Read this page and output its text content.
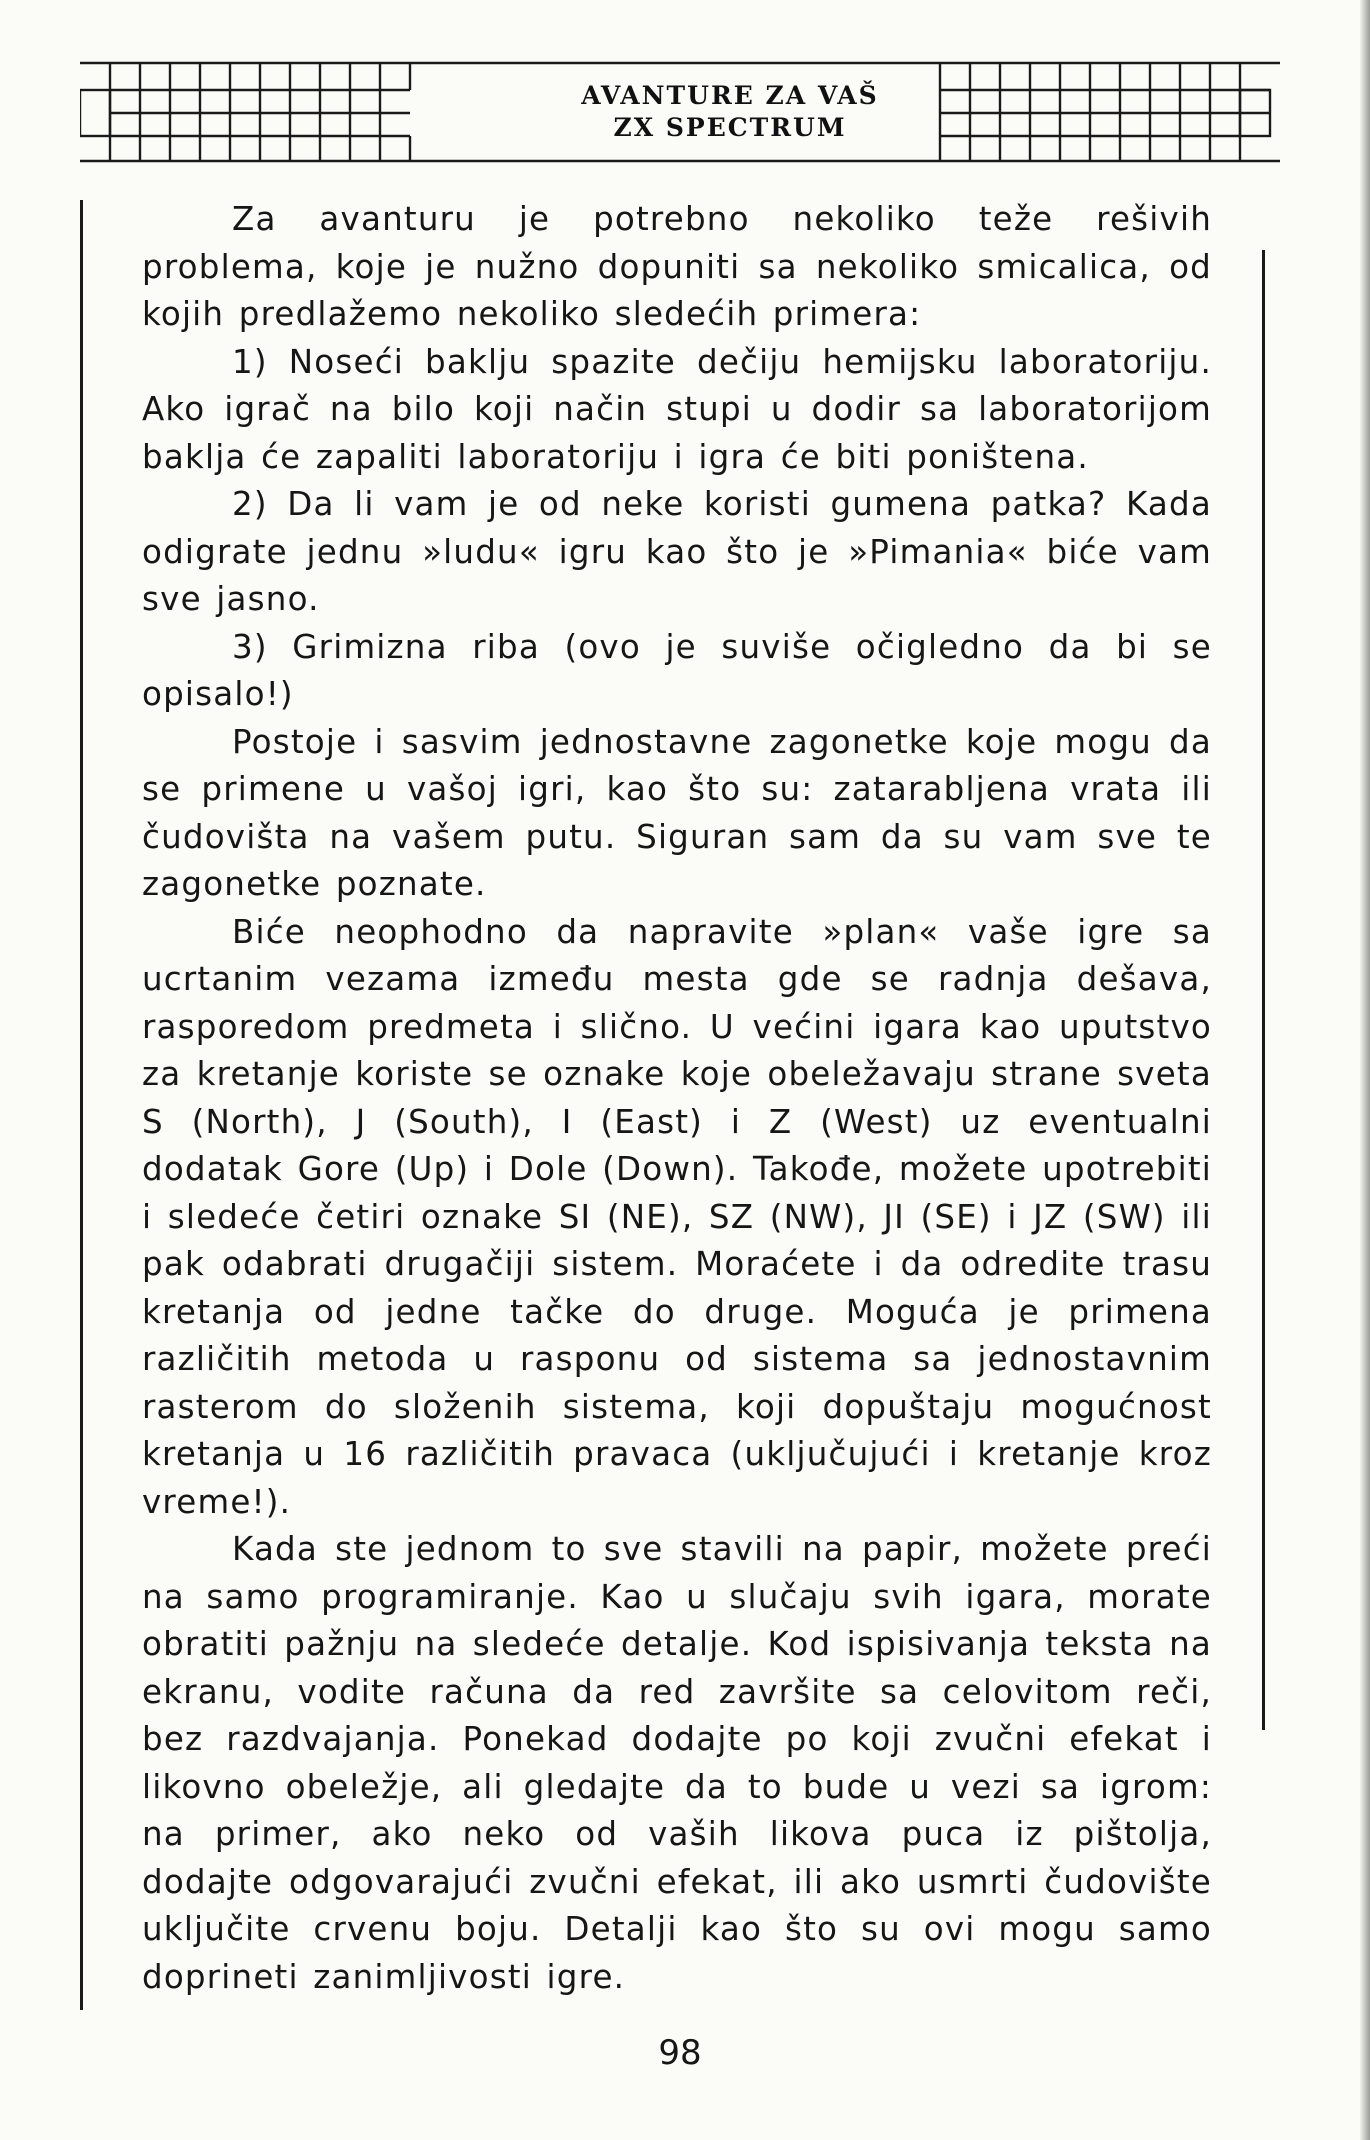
AVANTURE ZA VAŠ
ZX SPECTRUM

Za avanturu je potrebno nekoliko teže rešivih problema, koje je nužno dopuniti sa nekoliko smicalica, od kojih predlažemo nekoliko sledećih primera:

1) Noseći baklju spazite dečiju hemijsku laboratoriju. Ako igrač na bilo koji način stupi u dodir sa laboratorijom baklja će zapaliti laboratoriju i igra će biti poništena.

2) Da li vam je od neke koristi gumena patka? Kada odigrate jednu »ludu« igru kao što je »Pimania« biće vam sve jasno.

3) Grimizna riba (ovo je suviše očigledno da bi se opisalo!)

Postoje i sasvim jednostavne zagonetke koje mogu da se primene u vašoj igri, kao što su: zatarabljena vrata ili čudovišta na vašem putu. Siguran sam da su vam sve te zagonetke poznate.

Biće neophodno da napravite »plan« vaše igre sa ucrtanim vezama između mesta gde se radnja dešava, rasporedom predmeta i slično. U većini igara kao uputstvo za kretanje koriste se oznake koje obeležavaju strane sveta S (North), J (South), I (East) i Z (West) uz eventualni dodatak Gore (Up) i Dole (Down). Takođe, možete upotrebiti i sledeće četiri oznake SI (NE), SZ (NW), JI (SE) i JZ (SW) ili pak odabrati drugačiji sistem. Moraćete i da odredite trasu kretanja od jedne tačke do druge. Moguća je primena različitih metoda u rasponu od sistema sa jednostavnim rasterom do složenih sistema, koji dopuštaju mogućnost kretanja u 16 različitih pravaca (uključujući i kretanje kroz vreme!).

Kada ste jednom to sve stavili na papir, možete preći na samo programiranje. Kao u slučaju svih igara, morate obratiti pažnju na sledeće detalje. Kod ispisivanja teksta na ekranu, vodite računa da red završite sa celovitom reči, bez razdvajanja. Ponekad dodajte po koji zvučni efekat i likovno obeležje, ali gledajte da to bude u vezi sa igrom: na primer, ako neko od vaših likova puca iz pištolja, dodajte odgovarajući zvučni efekat, ili ako usmrti čudovište uključite crvenu boju. Detalji kao što su ovi mogu samo doprineti zanimljivosti igre.

98
